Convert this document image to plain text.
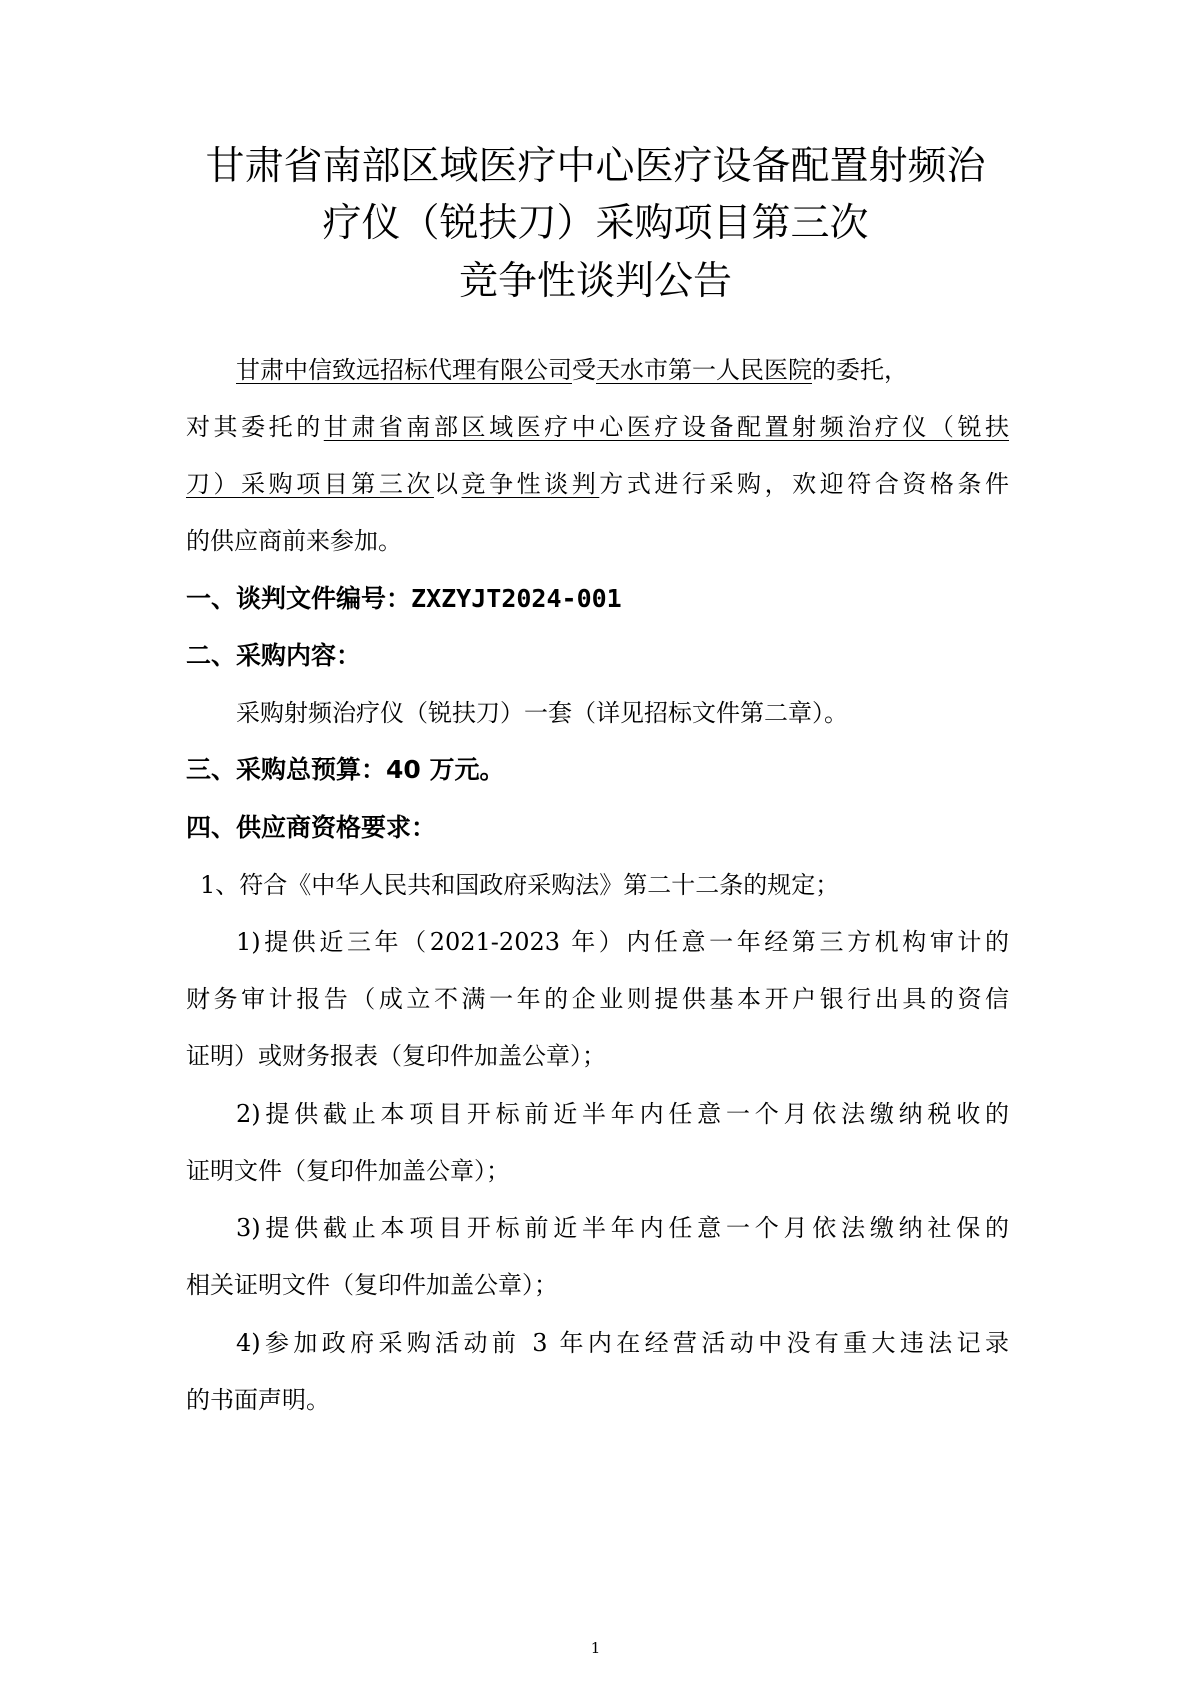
甘肃省南部区域医疗中心医疗设备配置射频治
疗仪（锐扶刀）采购项目第三次
竞争性谈判公告
甘肃中信致远招标代理有限公司受天水市第一人民医院的委托，
对其委托的甘肃省南部区域医疗中心医疗设备配置射频治疗仪（锐扶
刀）采购项目第三次以竞争性谈判方式进行采购，欢迎符合资格条件
的供应商前来参加。
一、谈判文件编号：ZXZYJT2024-001
二、采购内容：
采购射频治疗仪（锐扶刀）一套（详见招标文件第二章）。
三、采购总预算：40 万元。
四、供应商资格要求：
1、符合《中华人民共和国政府采购法》第二十二条的规定；
1)提供近三年（2021-2023 年）内任意一年经第三方机构审计的
财务审计报告（成立不满一年的企业则提供基本开户银行出具的资信
证明）或财务报表（复印件加盖公章）；
2)提供截止本项目开标前近半年内任意一个月依法缴纳税收的
证明文件（复印件加盖公章）；
3)提供截止本项目开标前近半年内任意一个月依法缴纳社保的
相关证明文件（复印件加盖公章）；
4)参加政府采购活动前 3 年内在经营活动中没有重大违法记录
的书面声明。
1
